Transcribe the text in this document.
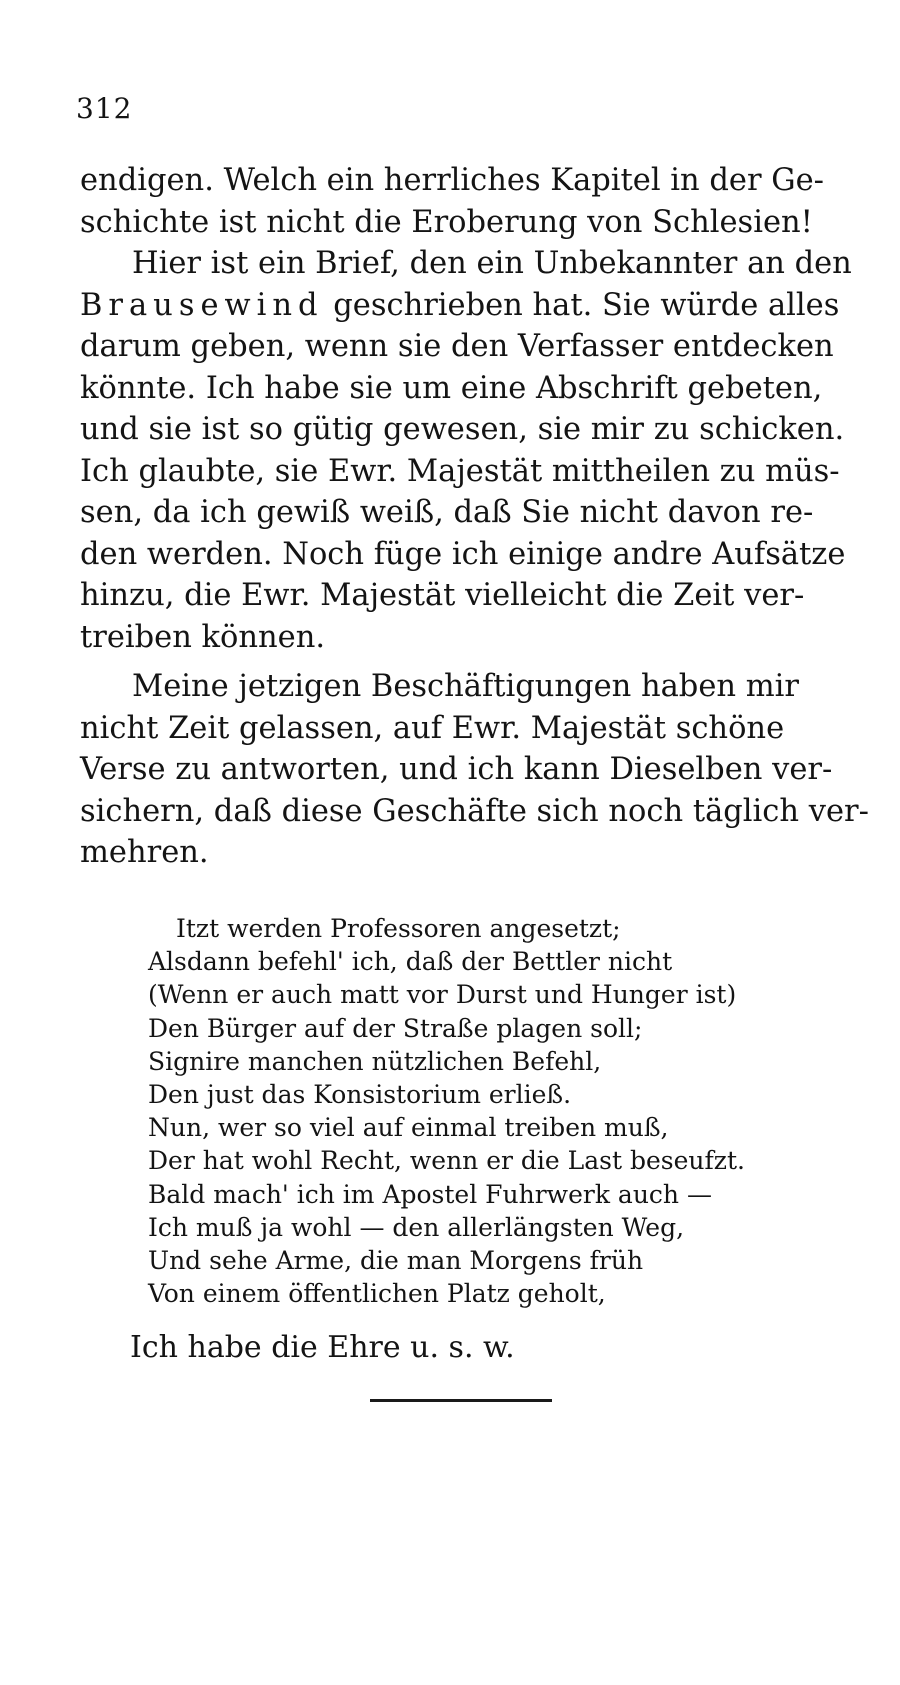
312
endigen. Welch ein herrliches Kapitel in der Ge-
schichte ist nicht die Eroberung von Schlesien!
Hier ist ein Brief, den ein Unbekannter an den
Brausewind geschrieben hat. Sie würde alles
darum geben, wenn sie den Verfasser entdecken
könnte. Ich habe sie um eine Abschrift gebeten,
und sie ist so gütig gewesen, sie mir zu schicken.
Ich glaubte, sie Ewr. Majestät mittheilen zu müs-
sen, da ich gewiß weiß, daß Sie nicht davon re-
den werden. Noch füge ich einige andre Aufsätze
hinzu, die Ewr. Majestät vielleicht die Zeit ver-
treiben können.
Meine jetzigen Beschäftigungen haben mir
nicht Zeit gelassen, auf Ewr. Majestät schöne
Verse zu antworten, und ich kann Dieselben ver-
sichern, daß diese Geschäfte sich noch täglich ver-
mehren.
Itzt werden Professoren angesetzt;
Alsdann befehl' ich, daß der Bettler nicht
(Wenn er auch matt vor Durst und Hunger ist)
Den Bürger auf der Straße plagen soll;
Signire manchen nützlichen Befehl,
Den just das Konsistorium erließ.
Nun, wer so viel auf einmal treiben muß,
Der hat wohl Recht, wenn er die Last beseufzt.
Bald mach' ich im Apostel Fuhrwerk auch —
Ich muß ja wohl — den allerlängsten Weg,
Und sehe Arme, die man Morgens früh
Von einem öffentlichen Platz geholt,
Ich habe die Ehre u. s. w.
